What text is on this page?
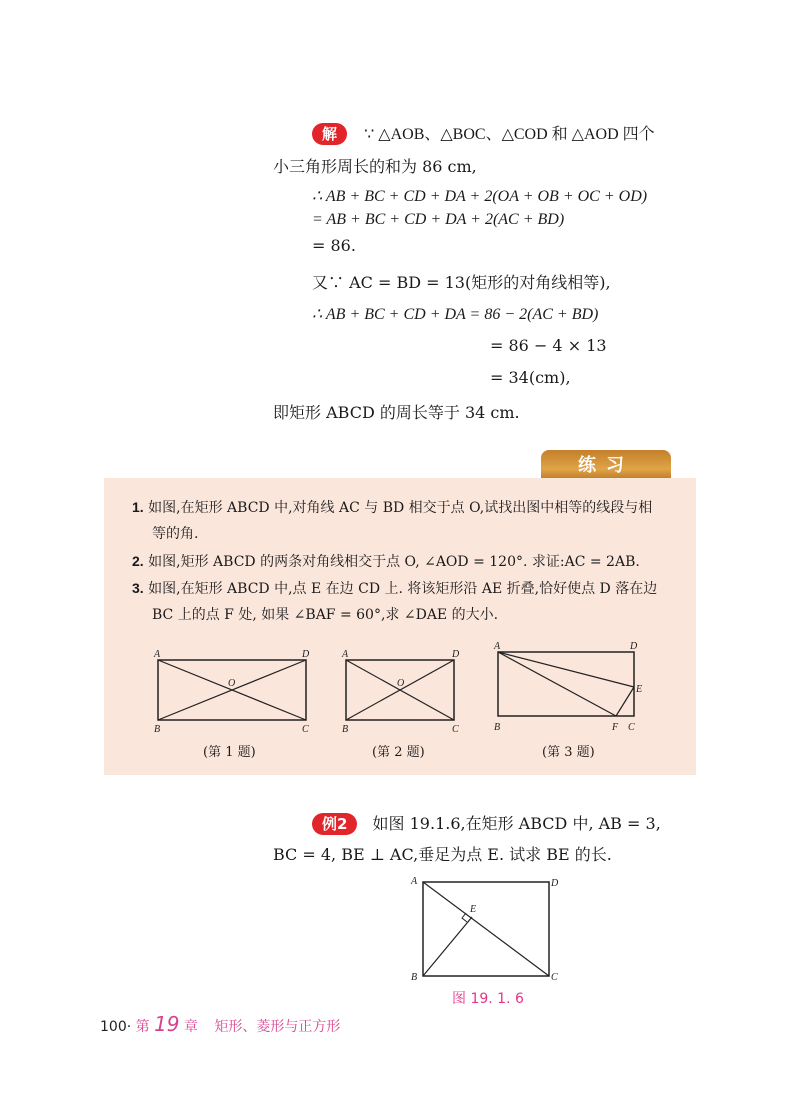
解 ∵ △AOB、△BOC、△COD 和 △AOD 四个
小三角形周长的和为 86 cm,
∴ AB + BC + CD + DA + 2(OA + OB + OC + OD)
= AB + BC + CD + DA + 2(AC + BD)
= 86.
又∵ AC = BD = 13(矩形的对角线相等),
∴ AB + BC + CD + DA = 86 − 2(AC + BD)
= 86 − 4 × 13
= 34(cm),
即矩形 ABCD 的周长等于 34 cm.
练习
1. 如图,在矩形 ABCD 中,对角线 AC 与 BD 相交于点 O,试找出图中相等的线段与相
等的角.
2. 如图,矩形 ABCD 的两条对角线相交于点 O, ∠AOD = 120°. 求证:AC = 2AB.
3. 如图,在矩形 ABCD 中,点 E 在边 CD 上. 将该矩形沿 AE 折叠,恰好使点 D 落在边
BC 上的点 F 处, 如果 ∠BAF = 60°,求 ∠DAE 的大小.
A	D
B	C
O
(第 1 题)
A	D
B	C
O
(第 2 题)
A	D
E
B	F C
(第 3 题)
例2 如图 19.1.6,在矩形 ABCD 中, AB = 3,
BC = 4, BE ⊥ AC,垂足为点 E. 试求 BE 的长.
A	D
B	C
E
图 19. 1. 6
100· 第 19 章 矩形、菱形与正方形
